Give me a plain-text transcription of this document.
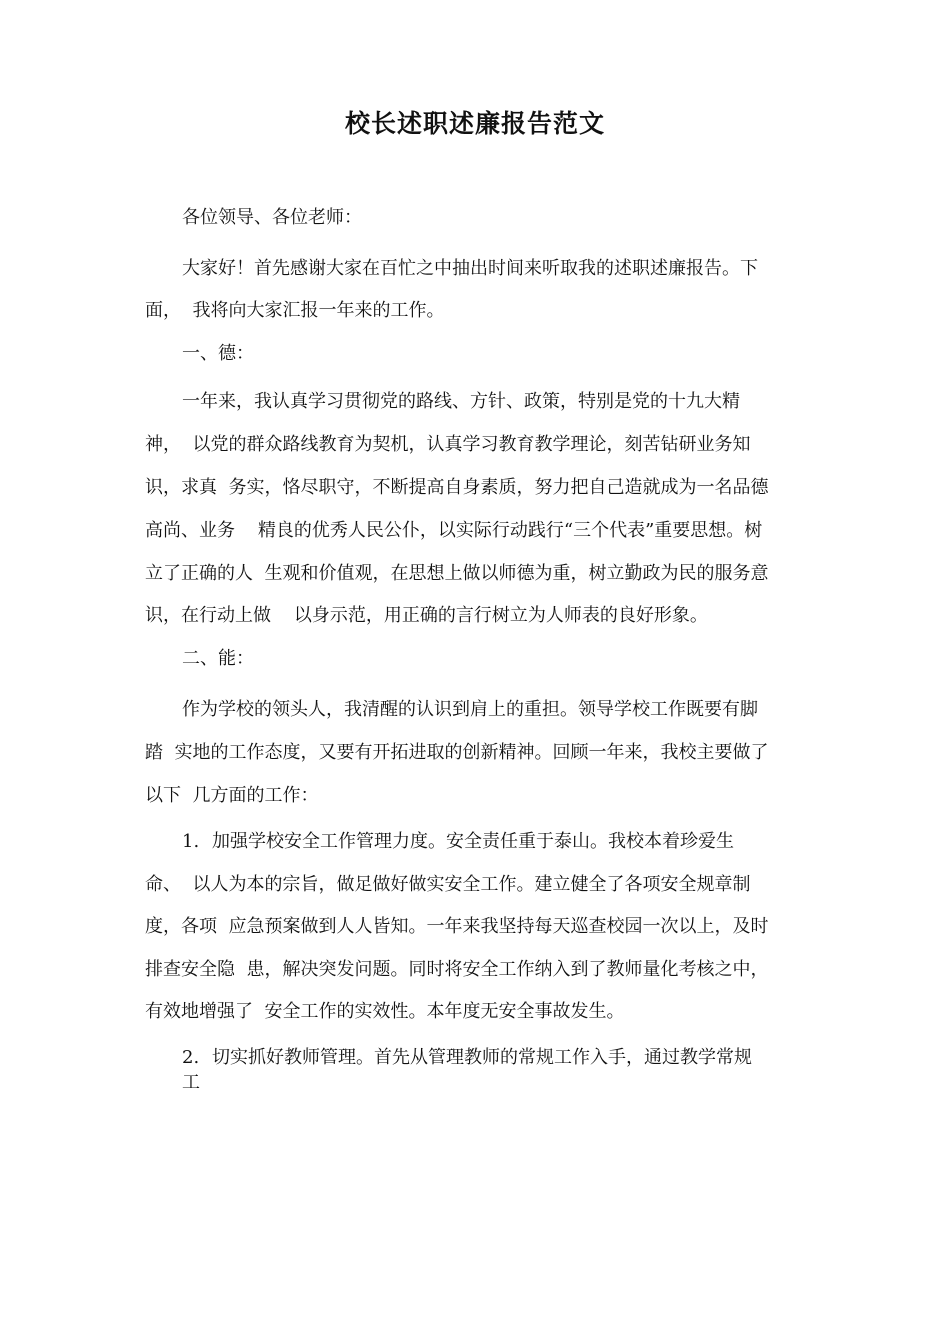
校长述职述廉报告范文
各位领导、各位老师：
大家好！首先感谢大家在百忙之中抽出时间来听取我的述职述廉报告。下
面，  我将向大家汇报一年来的工作。
一、德：
一年来，我认真学习贯彻党的路线、方针、政策，特别是党的十九大精
神，  以党的群众路线教育为契机，认真学习教育教学理论，刻苦钻研业务知
识，求真  务实，恪尽职守，不断提高自身素质，努力把自己造就成为一名品德
高尚、业务    精良的优秀人民公仆，以实际行动践行“三个代表”重要思想。树
立了正确的人  生观和价值观，在思想上做以师德为重，树立勤政为民的服务意
识，在行动上做    以身示范，用正确的言行树立为人师表的良好形象。
二、能：
作为学校的领头人，我清醒的认识到肩上的重担。领导学校工作既要有脚
踏  实地的工作态度，又要有开拓进取的创新精神。回顾一年来，我校主要做了
以下  几方面的工作：
1. 加强学校安全工作管理力度。安全责任重于泰山。我校本着珍爱生
命、  以人为本的宗旨，做足做好做实安全工作。建立健全了各项安全规章制
度，各项  应急预案做到人人皆知。一年来我坚持每天巡查校园一次以上，及时
排查安全隐  患，解决突发问题。同时将安全工作纳入到了教师量化考核之中，
有效地增强了  安全工作的实效性。本年度无安全事故发生。
2. 切实抓好教师管理。首先从管理教师的常规工作入手，通过教学常规
工
